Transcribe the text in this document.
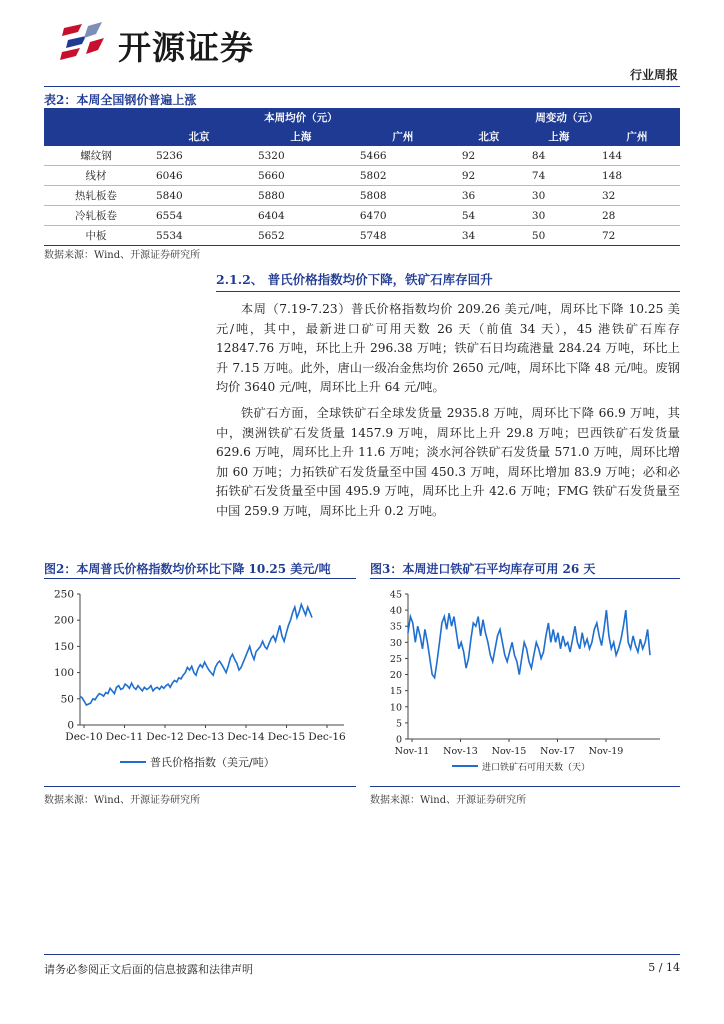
开源证券
行业周报
表2：本周全国钢价普遍上涨
	本周均价（元）			周变动（元）		
	北京	上海	广州	北京	上海	广州
螺纹钢	5236	5320	5466	92	84	144
线材	6046	5660	5802	92	74	148
热轧板卷	5840	5880	5808	36	30	32
冷轧板卷	6554	6404	6470	54	30	28
中板	5534	5652	5748	34	50	72
数据来源：Wind、开源证券研究所
2.1.2、 普氏价格指数均价下降，铁矿石库存回升

本周（7.19-7.23）普氏价格指数均价 209.26 美元/吨，周环比下降 10.25 美元/吨，其中，最新进口矿可用天数 26 天（前值 34 天），45 港铁矿石库存 12847.76 万吨，环比上升 296.38 万吨；铁矿石日均疏港量 284.24 万吨，环比上升 7.15 万吨。此外，唐山一级冶金焦均价 2650 元/吨，周环比下降 48 元/吨。废钢均价 3640 元/吨，周环比上升 64 元/吨。

铁矿石方面，全球铁矿石全球发货量 2935.8 万吨，周环比下降 66.9 万吨，其中，澳洲铁矿石发货量 1457.9 万吨，周环比上升 29.8 万吨；巴西铁矿石发货量 629.6 万吨，周环比上升 11.6 万吨；淡水河谷铁矿石发货量 571.0 万吨，周环比增加 60 万吨；力拓铁矿石发货量至中国 450.3 万吨，周环比增加 83.9 万吨；必和必拓铁矿石发货量至中国 495.9 万吨，周环比上升 42.6 万吨；FMG 铁矿石发货量至中国 259.9 万吨，周环比上升 0.2 万吨。

图2：本周普氏价格指数均价环比下降 10.25 美元/吨
0
50
100
150
200
250
Dec-10 Dec-11 Dec-12 Dec-13 Dec-14 Dec-15 Dec-16
普氏价格指数（美元/吨）
图3：本周进口铁矿石平均库存可用 26 天
0
5
10
15
20
25
30
35
40
45
Nov-11 Nov-13 Nov-15 Nov-17 Nov-19
进口铁矿石可用天数（天）
数据来源：Wind、开源证券研究所	数据来源：Wind、开源证券研究所
请务必参阅正文后面的信息披露和法律声明	5 / 14
